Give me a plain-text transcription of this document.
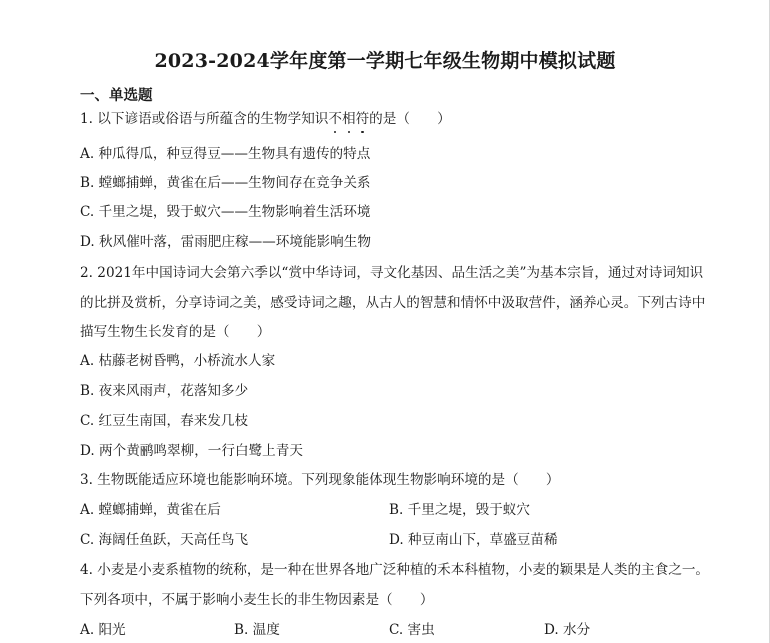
2023-2024学年度第一学期七年级生物期中模拟试题
一、单选题
1. 以下谚语或俗语与所蕴含的生物学知识不相符的是（　　）
A. 种瓜得瓜，种豆得豆——生物具有遗传的特点
B. 螳螂捕蝉，黄雀在后——生物间存在竞争关系
C. 千里之堤，毁于蚁穴——生物影响着生活环境
D. 秋风催叶落，雷雨肥庄稼——环境能影响生物
2. 2021年中国诗词大会第六季以“赏中华诗词，寻文化基因、品生活之美”为基本宗旨，通过对诗词知识
的比拼及赏析，分享诗词之美，感受诗词之趣，从古人的智慧和情怀中汲取营件，涵养心灵。下列古诗中
描写生物生长发育的是（　　）
A. 枯藤老树昏鸭，小桥流水人家
B. 夜来风雨声，花落知多少
C. 红豆生南国，春来发几枝
D. 两个黄鹂鸣翠柳，一行白鹭上青天
3. 生物既能适应环境也能影响环境。下列现象能体现生物影响环境的是（　　）
A. 螳螂捕蝉，黄雀在后	B. 千里之堤，毁于蚁穴
C. 海阔任鱼跃，天高任鸟飞	D. 种豆南山下，草盛豆苗稀
4. 小麦是小麦系植物的统称，是一种在世界各地广泛种植的禾本科植物，小麦的颖果是人类的主食之一。
下列各项中，不属于影响小麦生长的非生物因素是（　　）
A. 阳光	B. 温度	C. 害虫	D. 水分
